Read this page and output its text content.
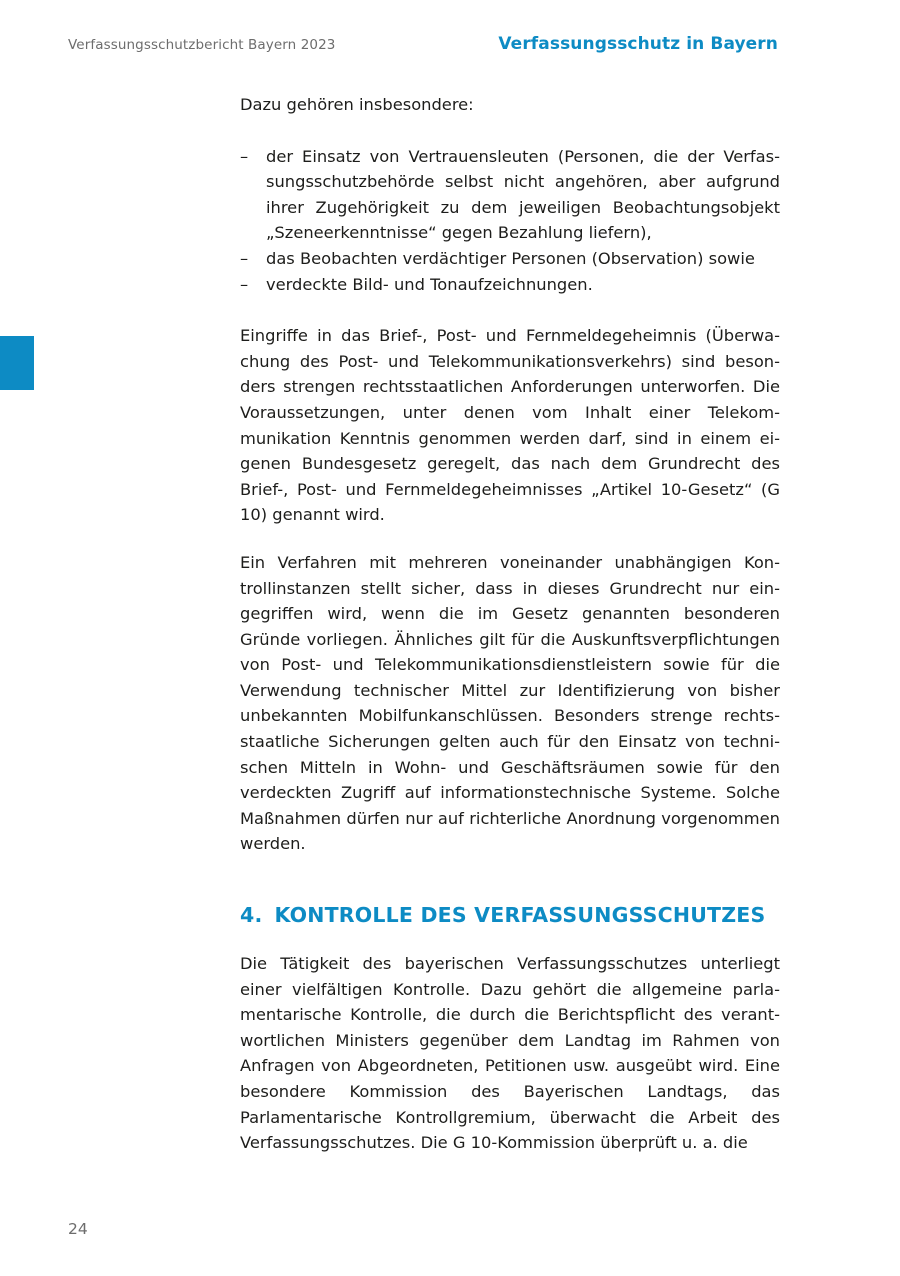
Verfassungsschutzbericht Bayern 2023	Verfassungsschutz in Bayern

Dazu gehören insbesondere:

– der Einsatz von Vertrauensleuten (Personen, die der Verfassungsschutzbehörde selbst nicht angehören, aber aufgrund ihrer Zugehörigkeit zu dem jeweiligen Beobachtungsobjekt „Szeneerkenntnisse“ gegen Bezahlung liefern),
– das Beobachten verdächtiger Personen (Observation) sowie
– verdeckte Bild- und Tonaufzeichnungen.

Eingriffe in das Brief-, Post- und Fernmeldegeheimnis (Überwachung des Post- und Telekommunikationsverkehrs) sind besonders strengen rechtsstaatlichen Anforderungen unterworfen. Die Voraussetzungen, unter denen vom Inhalt einer Telekommunikation Kenntnis genommen werden darf, sind in einem eigenen Bundesgesetz geregelt, das nach dem Grundrecht des Brief-, Post- und Fernmeldegeheimnisses „Artikel 10-Gesetz“ (G 10) genannt wird.

Ein Verfahren mit mehreren voneinander unabhängigen Kontrollinstanzen stellt sicher, dass in dieses Grundrecht nur eingegriffen wird, wenn die im Gesetz genannten besonderen Gründe vorliegen. Ähnliches gilt für die Auskunftsverpflichtungen von Post- und Telekommunikationsdienstleistern sowie für die Verwendung technischer Mittel zur Identifizierung von bisher unbekannten Mobilfunkanschlüssen. Besonders strenge rechtsstaatliche Sicherungen gelten auch für den Einsatz von technischen Mitteln in Wohn- und Geschäftsräumen sowie für den verdeckten Zugriff auf informationstechnische Systeme. Solche Maßnahmen dürfen nur auf richterliche Anordnung vorgenommen werden.

4. KONTROLLE DES VERFASSUNGSSCHUTZES

Die Tätigkeit des bayerischen Verfassungsschutzes unterliegt einer vielfältigen Kontrolle. Dazu gehört die allgemeine parlamentarische Kontrolle, die durch die Berichtspflicht des verantwortlichen Ministers gegenüber dem Landtag im Rahmen von Anfragen von Abgeordneten, Petitionen usw. ausgeübt wird. Eine besondere Kommission des Bayerischen Landtags, das Parlamentarische Kontrollgremium, überwacht die Arbeit des Verfassungsschutzes. Die G 10-Kommission überprüft u. a. die

24
